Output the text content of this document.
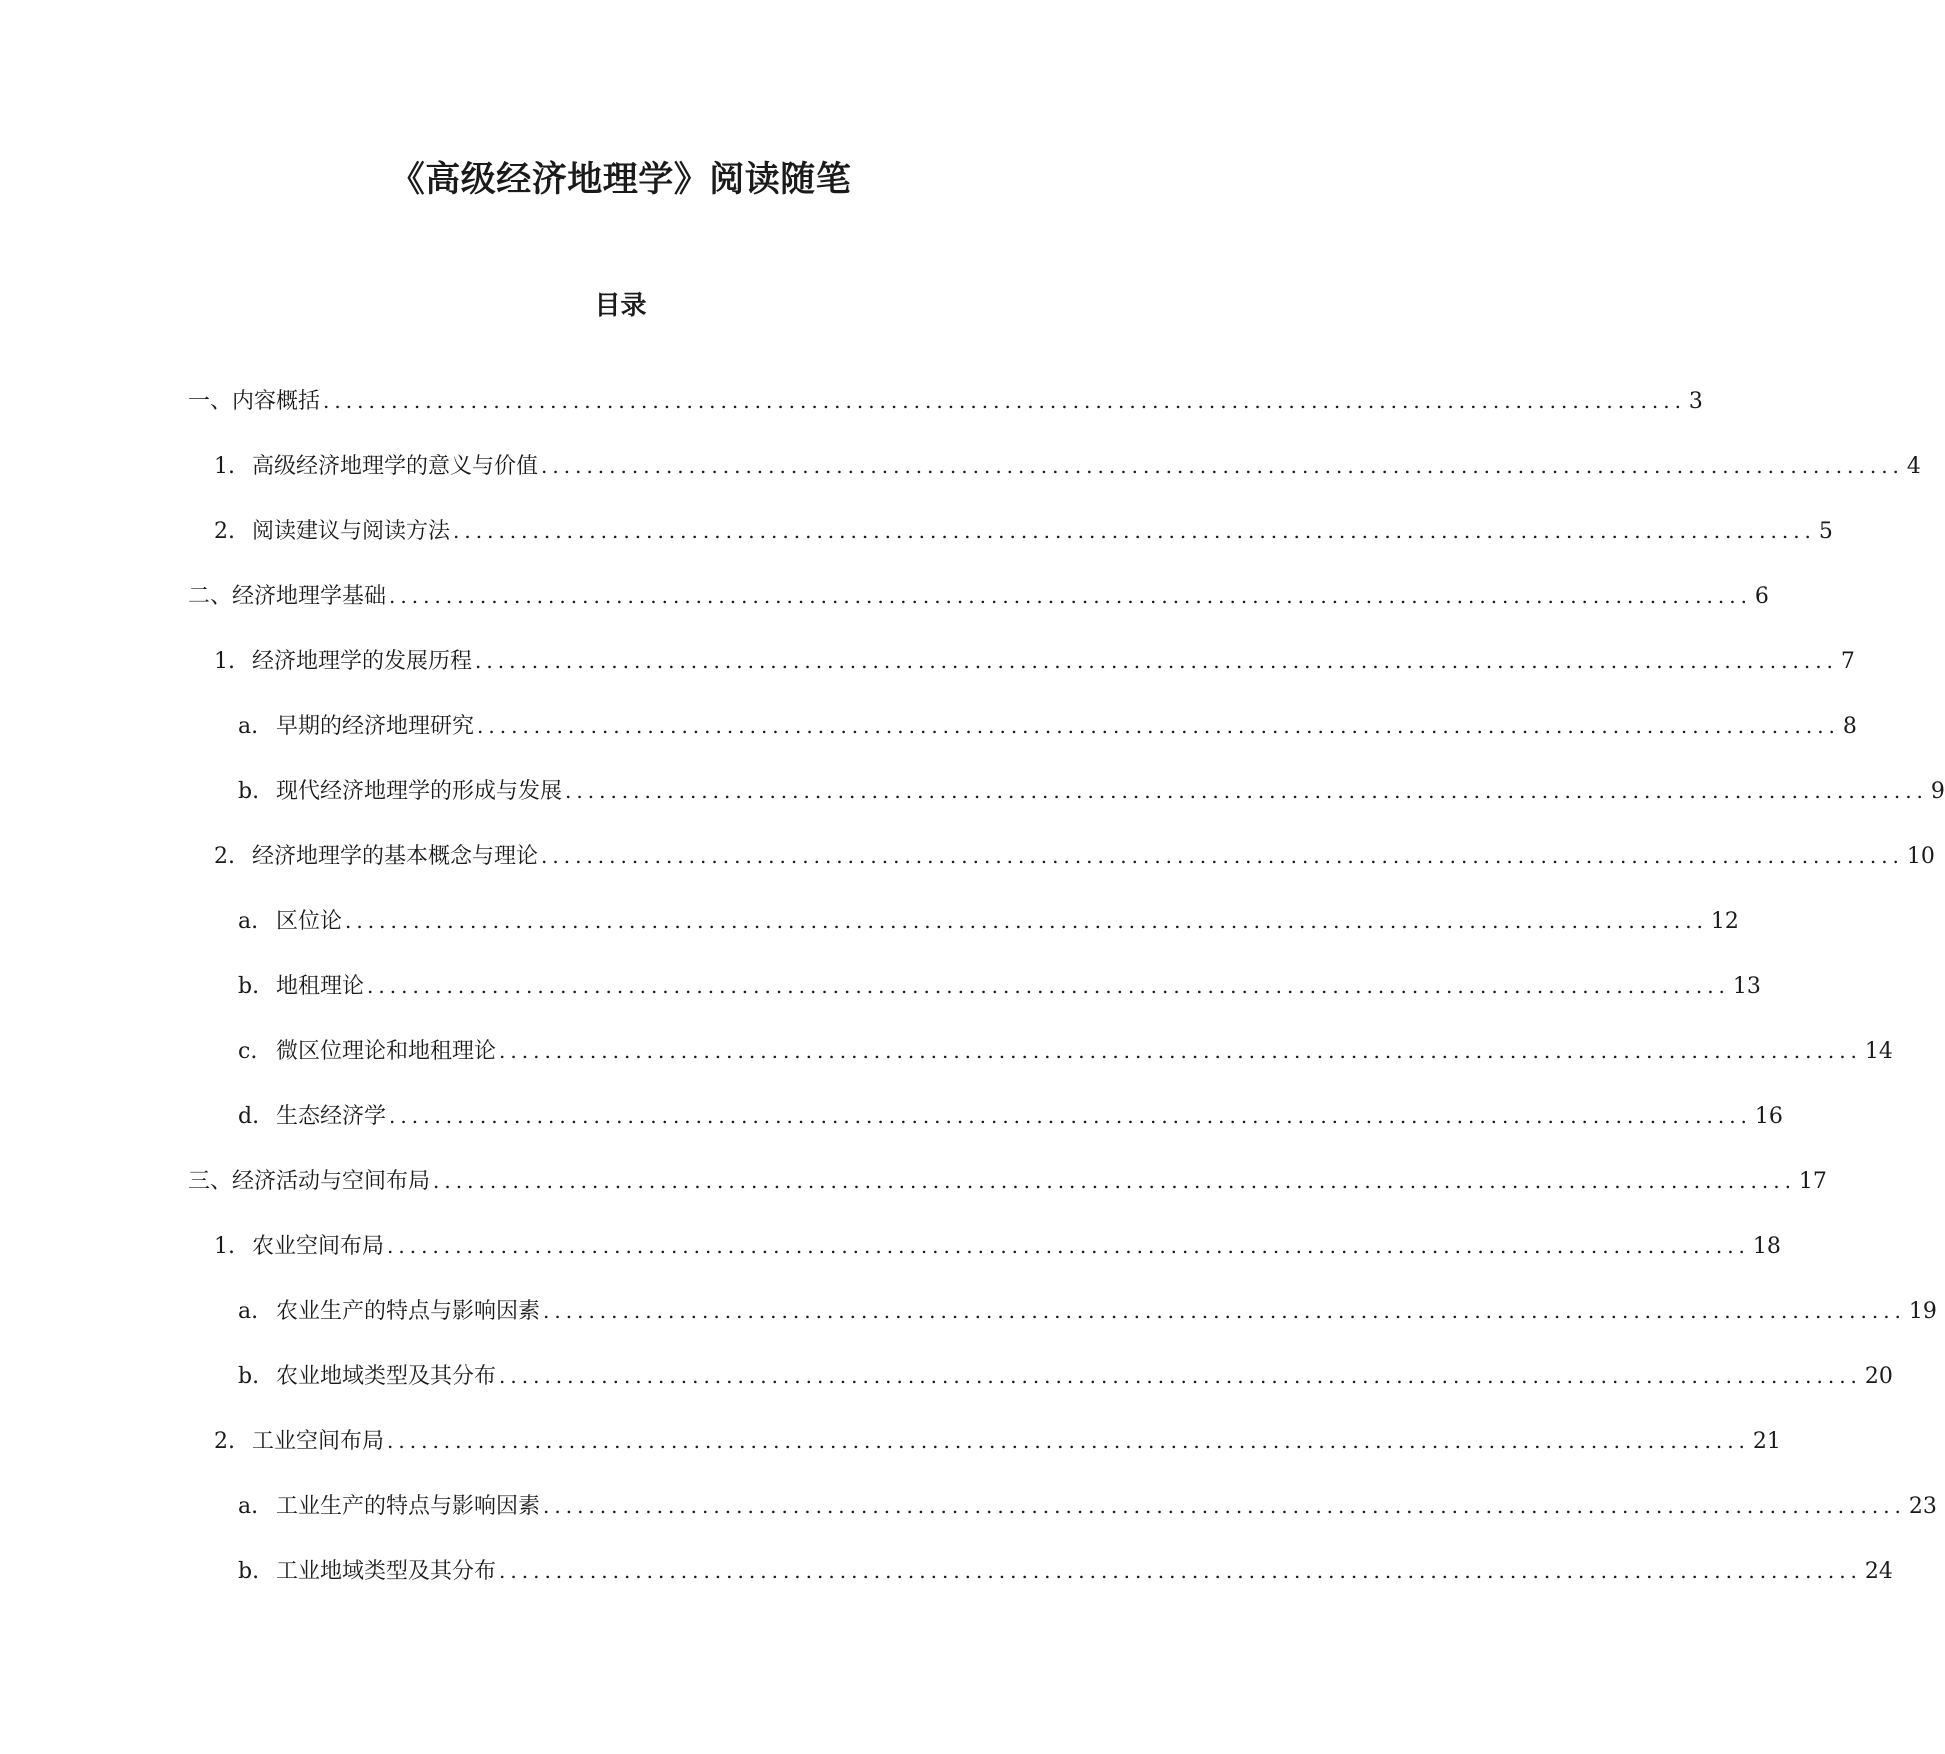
《高级经济地理学》阅读随笔
目录
一、 内容概括 ........................................................................................................................ 3
1. 高级经济地理学的意义与价值 ........................................................................................................................ 4
2. 阅读建议与阅读方法 ........................................................................................................................ 5
二、 经济地理学基础 ........................................................................................................................ 6
1. 经济地理学的发展历程 ........................................................................................................................ 7
a. 早期的经济地理研究 ........................................................................................................................ 8
b. 现代经济地理学的形成与发展 ........................................................................................................................ 9
2. 经济地理学的基本概念与理论 ........................................................................................................................ 10
a. 区位论 ........................................................................................................................ 12
b. 地租理论 ........................................................................................................................ 13
c. 微区位理论和地租理论 ........................................................................................................................ 14
d. 生态经济学 ........................................................................................................................ 16
三、 经济活动与空间布局 ........................................................................................................................ 17
1. 农业空间布局 ........................................................................................................................ 18
a. 农业生产的特点与影响因素 ........................................................................................................................ 19
b. 农业地域类型及其分布 ........................................................................................................................ 20
2. 工业空间布局 ........................................................................................................................ 21
a. 工业生产的特点与影响因素 ........................................................................................................................ 23
b. 工业地域类型及其分布 ........................................................................................................................ 24
